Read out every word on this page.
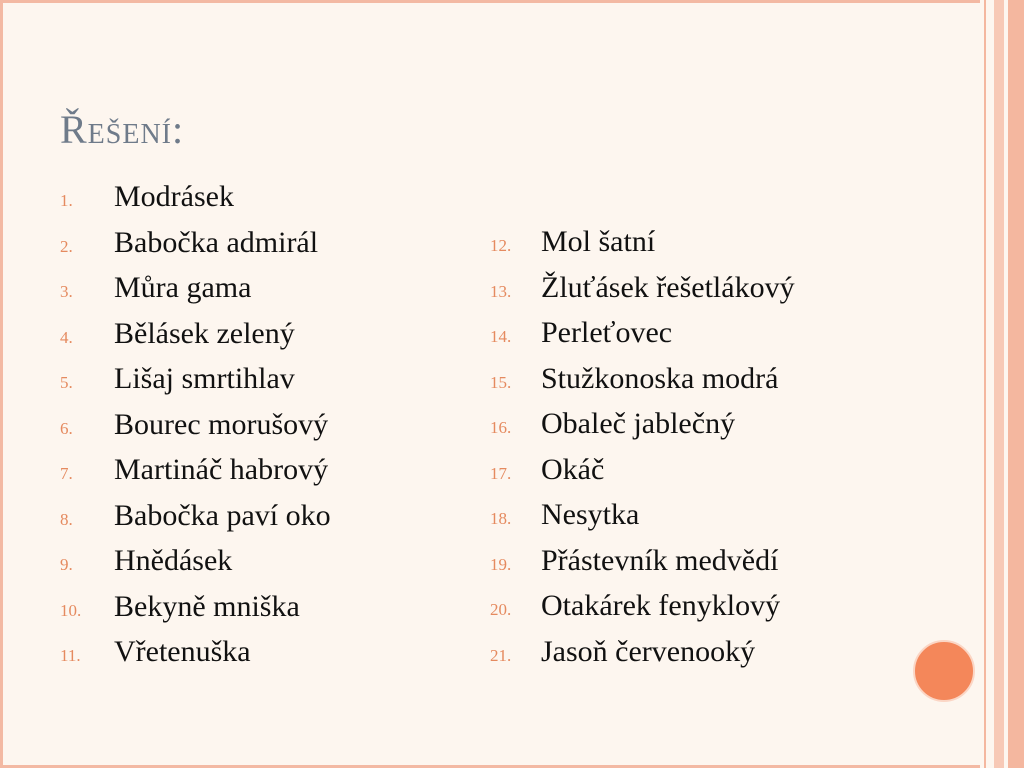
Řešení:
1.	Modrásek
2.	Babočka admirál
3.	Můra gama
4.	Bělásek zelený
5.	Lišaj smrtihlav
6.	Bourec morušový
7.	Martináč habrový
8.	Babočka paví oko
9.	Hnědásek
10.	Bekyně mniška
11.	Vřetenuška
12. Mol šatní
13. Žluťásek řešetlákový
14. Perleťovec
15. Stužkonoska modrá
16. Obaleč jablečný
17. Okáč
18. Nesytka
19. Přástevník medvědí
20. Otakárek fenyklový
21. Jasoň červenooký
